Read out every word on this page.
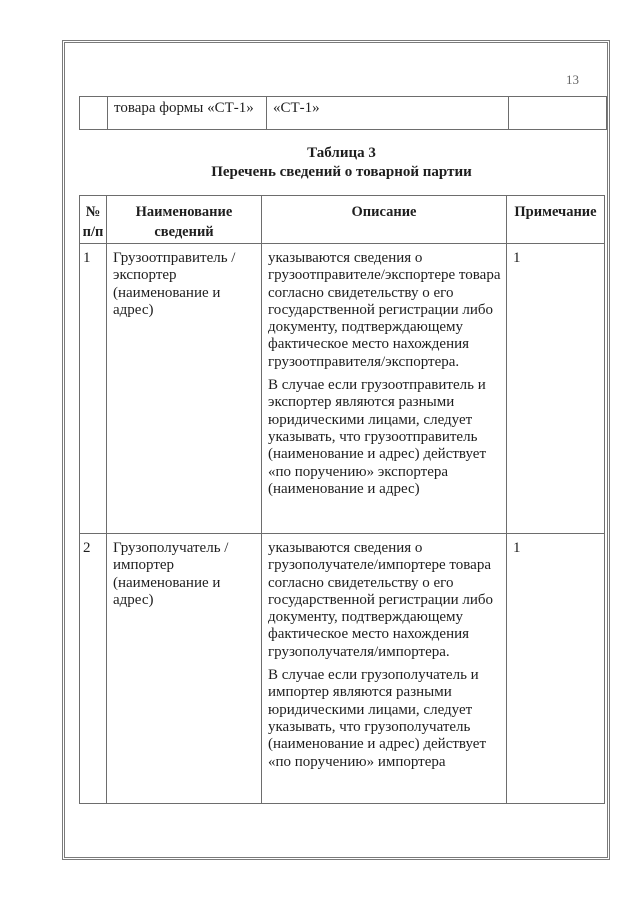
13
	товара формы «СТ-1»	«СТ-1»	
Таблица 3
Перечень сведений о товарной партии
№ п/п	Наименование сведений	Описание	Примечание
1	Грузоотправитель /экспортер (наименование и адрес)	указываются сведения о грузоотправителе/экспортере товара согласно свидетельству о его государственной регистрации либо документу, подтверждающему фактическое место нахождения грузоотправителя/экспортера.
В случае если грузоотправитель и экспортер являются разными юридическими лицами, следует указывать, что грузоотправитель (наименование и адрес) действует «по поручению» экспортера (наименование и адрес)	1
2	Грузополучатель /импортер (наименование и адрес)	указываются сведения о грузополучателе/импортере товара согласно свидетельству о его государственной регистрации либо документу, подтверждающему фактическое место нахождения грузополучателя/импортера.
В случае если грузополучатель и импортер являются разными юридическими лицами, следует указывать, что грузополучатель (наименование и адрес) действует «по поручению» импортера	1
